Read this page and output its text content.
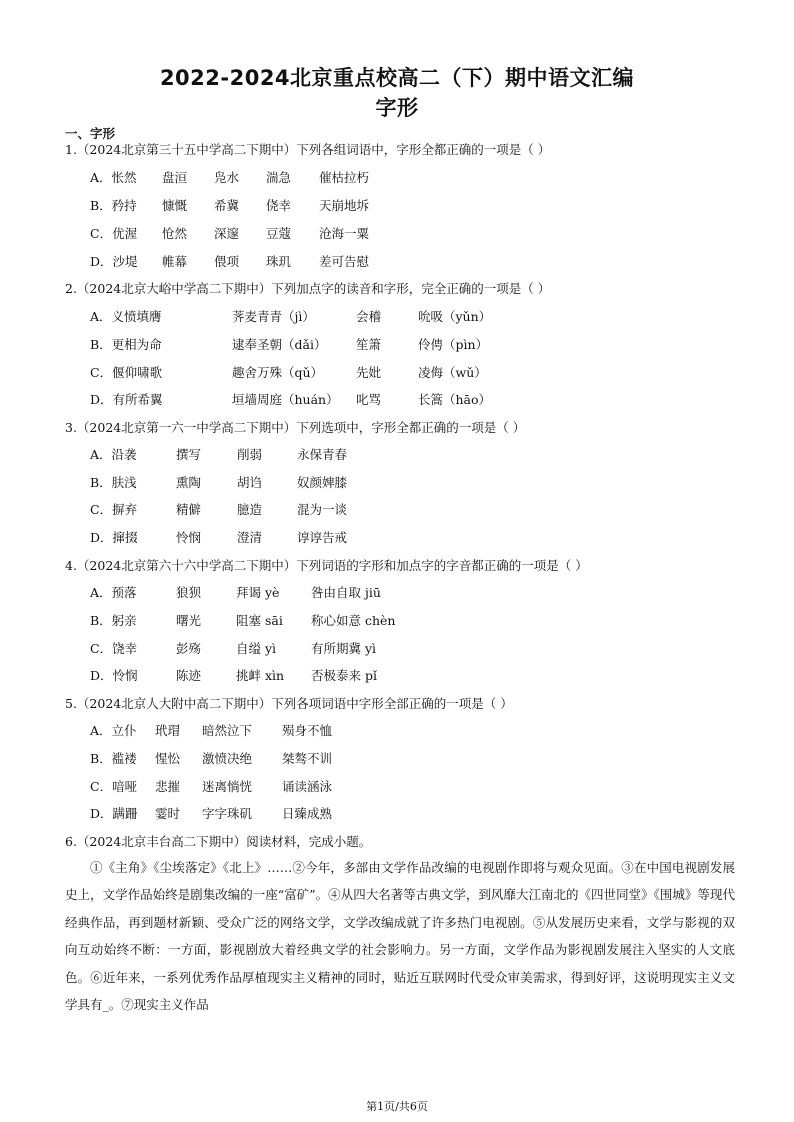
2022-2024北京重点校高二（下）期中语文汇编
字形
一、字形
1.（2024北京第三十五中学高二下期中）下列各组词语中，字形全都正确的一项是（ ）
A．怅然 盘洹 凫水 湍急 催枯拉朽
B．矜持 慷慨 希冀 侥幸 天崩地坼
C．优渥 怆然 深邃 豆蔻 沧海一粟
D．沙堤 帷幕 偎项 珠玑 差可告慰
2.（2024北京大峪中学高二下期中）下列加点字的读音和字形，完全正确的一项是（ ）
A．义愤填膺	荠麦青青（jì）	会稽	吮吸（yǔn）
B．更相为命	逮奉圣朝（dǎi） 笙箫	伶俜（pìn）
C．偃仰啸歌	趣舍万殊（qǔ）	先妣	凌侮（wǔ）
D．有所希翼	垣墙周庭（huán） 叱骂	长篙（hāo）
3.（2024北京第一六一中学高二下期中）下列选项中，字形全都正确的一项是（ ）
A．沿袭	撰写	削弱	永保青春
B．肤浅	熏陶	胡诌	奴颜婢膝
C．摒弃	精僻	臆造	混为一谈
D．撺掇	怜悯	澄清	谆谆告戒
4.（2024北京第六十六中学高二下期中）下列词语的字形和加点字的字音都正确的一项是（ ）
A．预落	狼狈	拜谒 yè	咎由自取 jiū
B．躬亲	曙光	阻塞 sāi 称心如意 chèn
C．饶幸	彭殇	自缢 yì	有所期冀 yì
D．怜悯	陈迹	挑衅 xìn 否极泰来 pǐ
5.（2024北京人大附中高二下期中）下列各项词语中字形全部正确的一项是（ ）
A．立仆 玳瑁 暗然泣下 殒身不恤
B．褴褛 惺忪 激愤决绝 桀骜不训
C．喑哑 悲摧 迷离惝恍 诵读涵泳
D．蹒跚 霎时 字字珠矶 日臻成熟
6.（2024北京丰台高二下期中）阅读材料，完成小题。
①《主角》《尘埃落定》《北上》……②今年，多部由文学作品改编的电视剧作即将与观众见面。③在中国电视剧发展史上，文学作品始终是剧集改编的一座“富矿”。④从四大名著等古典文学，到风靡大江南北的《四世同堂》《围城》等现代经典作品，再到题材新颖、受众广泛的网络文学，文学改编成就了许多热门电视剧。⑤从发展历史来看，文学与影视的双向互动始终不断：一方面，影视剧放大着经典文学的社会影响力。另一方面，文学作品为影视剧发展注入坚实的人文底色。⑥近年来，一系列优秀作品厚植现实主义精神的同时，贴近互联网时代受众审美需求，得到好评，这说明现实主义文学具有_。⑦现实主义作品
第1页/共6页
